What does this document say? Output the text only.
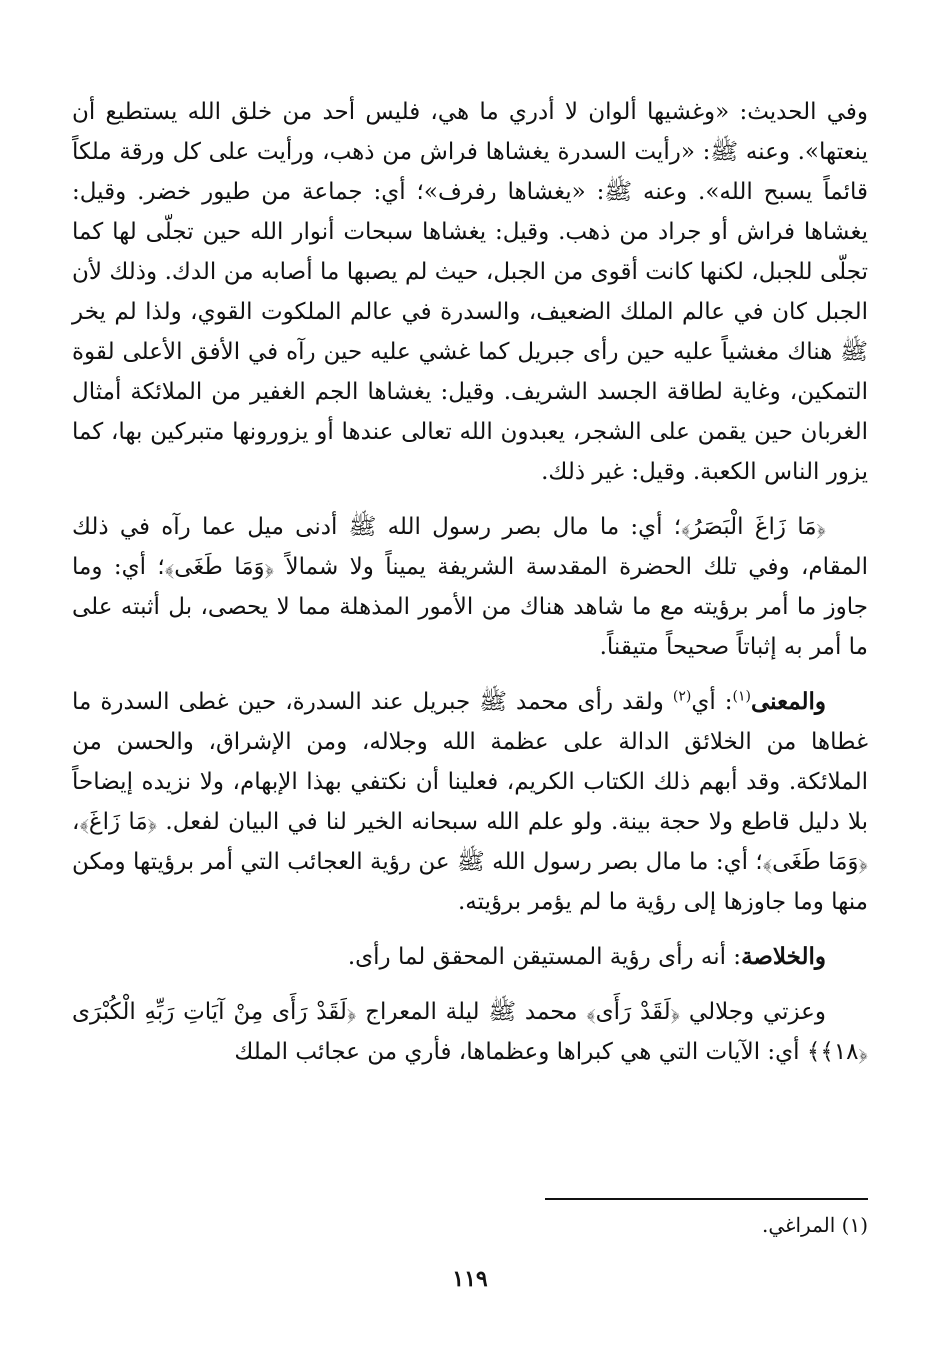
وفي الحديث: «وغشيها ألوان لا أدري ما هي، فليس أحد من خلق الله يستطيع أن ينعتها». وعنه ﷺ: «رأيت السدرة يغشاها فراش من ذهب، ورأيت على كل ورقة ملكاً قائماً يسبح الله». وعنه ﷺ: «يغشاها رفرف»؛ أي: جماعة من طيور خضر. وقيل: يغشاها فراش أو جراد من ذهب. وقيل: يغشاها سبحات أنوار الله حين تجلّى لها كما تجلّى للجبل، لكنها كانت أقوى من الجبل، حيث لم يصبها ما أصابه من الدك. وذلك لأن الجبل كان في عالم الملك الضعيف، والسدرة في عالم الملكوت القوي، ولذا لم يخر ﷺ هناك مغشياً عليه حين رأى جبريل كما غشي عليه حين رآه في الأفق الأعلى لقوة التمكين، وغاية لطاقة الجسد الشريف. وقيل: يغشاها الجم الغفير من الملائكة أمثال الغربان حين يقمن على الشجر، يعبدون الله تعالى عندها أو يزورونها متبركين بها، كما يزور الناس الكعبة. وقيل: غير ذلك.

﴿مَا زَاغَ الْبَصَرُ﴾؛ أي: ما مال بصر رسول الله ﷺ أدنى ميل عما رآه في ذلك المقام، وفي تلك الحضرة المقدسة الشريفة يميناً ولا شمالاً ﴿وَمَا طَغَى﴾؛ أي: وما جاوز ما أمر برؤيته مع ما شاهد هناك من الأمور المذهلة مما لا يحصى، بل أثبته على ما أمر به إثباتاً صحيحاً متيقناً.

والمعنى$^{(١)}$: أي$^{(٢)}$ ولقد رأى محمد ﷺ جبريل عند السدرة، حين غطى السدرة ما غطاها من الخلائق الدالة على عظمة الله وجلاله، ومن الإشراق، والحسن من الملائكة. وقد أبهم ذلك الكتاب الكريم، فعلينا أن نكتفي بهذا الإبهام، ولا نزيده إيضاحاً بلا دليل قاطع ولا حجة بينة. ولو علم الله سبحانه الخير لنا في البيان لفعل. ﴿مَا زَاغَ﴾، ﴿وَمَا طَغَى﴾؛ أي: ما مال بصر رسول الله ﷺ عن رؤية العجائب التي أمر برؤيتها ومكن منها وما جاوزها إلى رؤية ما لم يؤمر برؤيته.

والخلاصة: أنه رأى رؤية المستيقن المحقق لما رأى.

وعزتي وجلالي ﴿لَقَدْ رَأَى﴾ محمد ﷺ ليلة المعراج ﴿لَقَدْ رَأَى مِنْ آيَاتِ رَبِّهِ الْكُبْرَى ﴿١٨﴾﴾ أي: الآيات التي هي كبراها وعظماها، فأري من عجائب الملك

(١) المراغي.
١١٩
